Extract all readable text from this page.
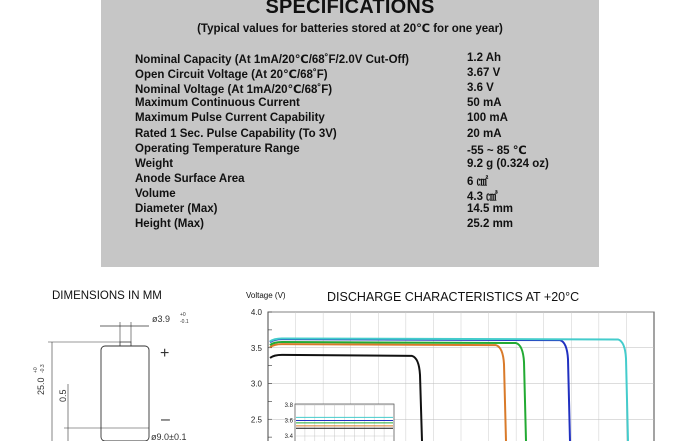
SPECIFICATIONS
(Typical values for batteries stored at 20℃ for one year)
Nominal Capacity (At 1mA/20℃/68˚F/2.0V Cut-Off)	1.2 Ah
Open Circuit Voltage (At 20℃/68˚F)	3.67 V
Nominal Voltage (At 1mA/20℃/68˚F)	3.6 V
Maximum Continuous Current	50 mA
Maximum Pulse Current Capability	100 mA
Rated 1 Sec. Pulse Capability (To 3V)	20 mA
Operating Temperature Range	-55 ~ 85 ℃
Weight	9.2 g (0.324 oz)
Anode Surface Area	6 ㎠
Volume	4.3 ㎤
Diameter (Max)	14.5 mm
Height (Max)	25.2 mm
DIMENSIONS IN MM
ø3.9 +0
-0.1
+
–
25.0
+0 -0.3
0.5
ø9.0±0.1
Voltage (V)	DISCHARGE CHARACTERISTICS AT +20°C
4.0
3.5
3.0
2.5
3.8
3.6
3.4
